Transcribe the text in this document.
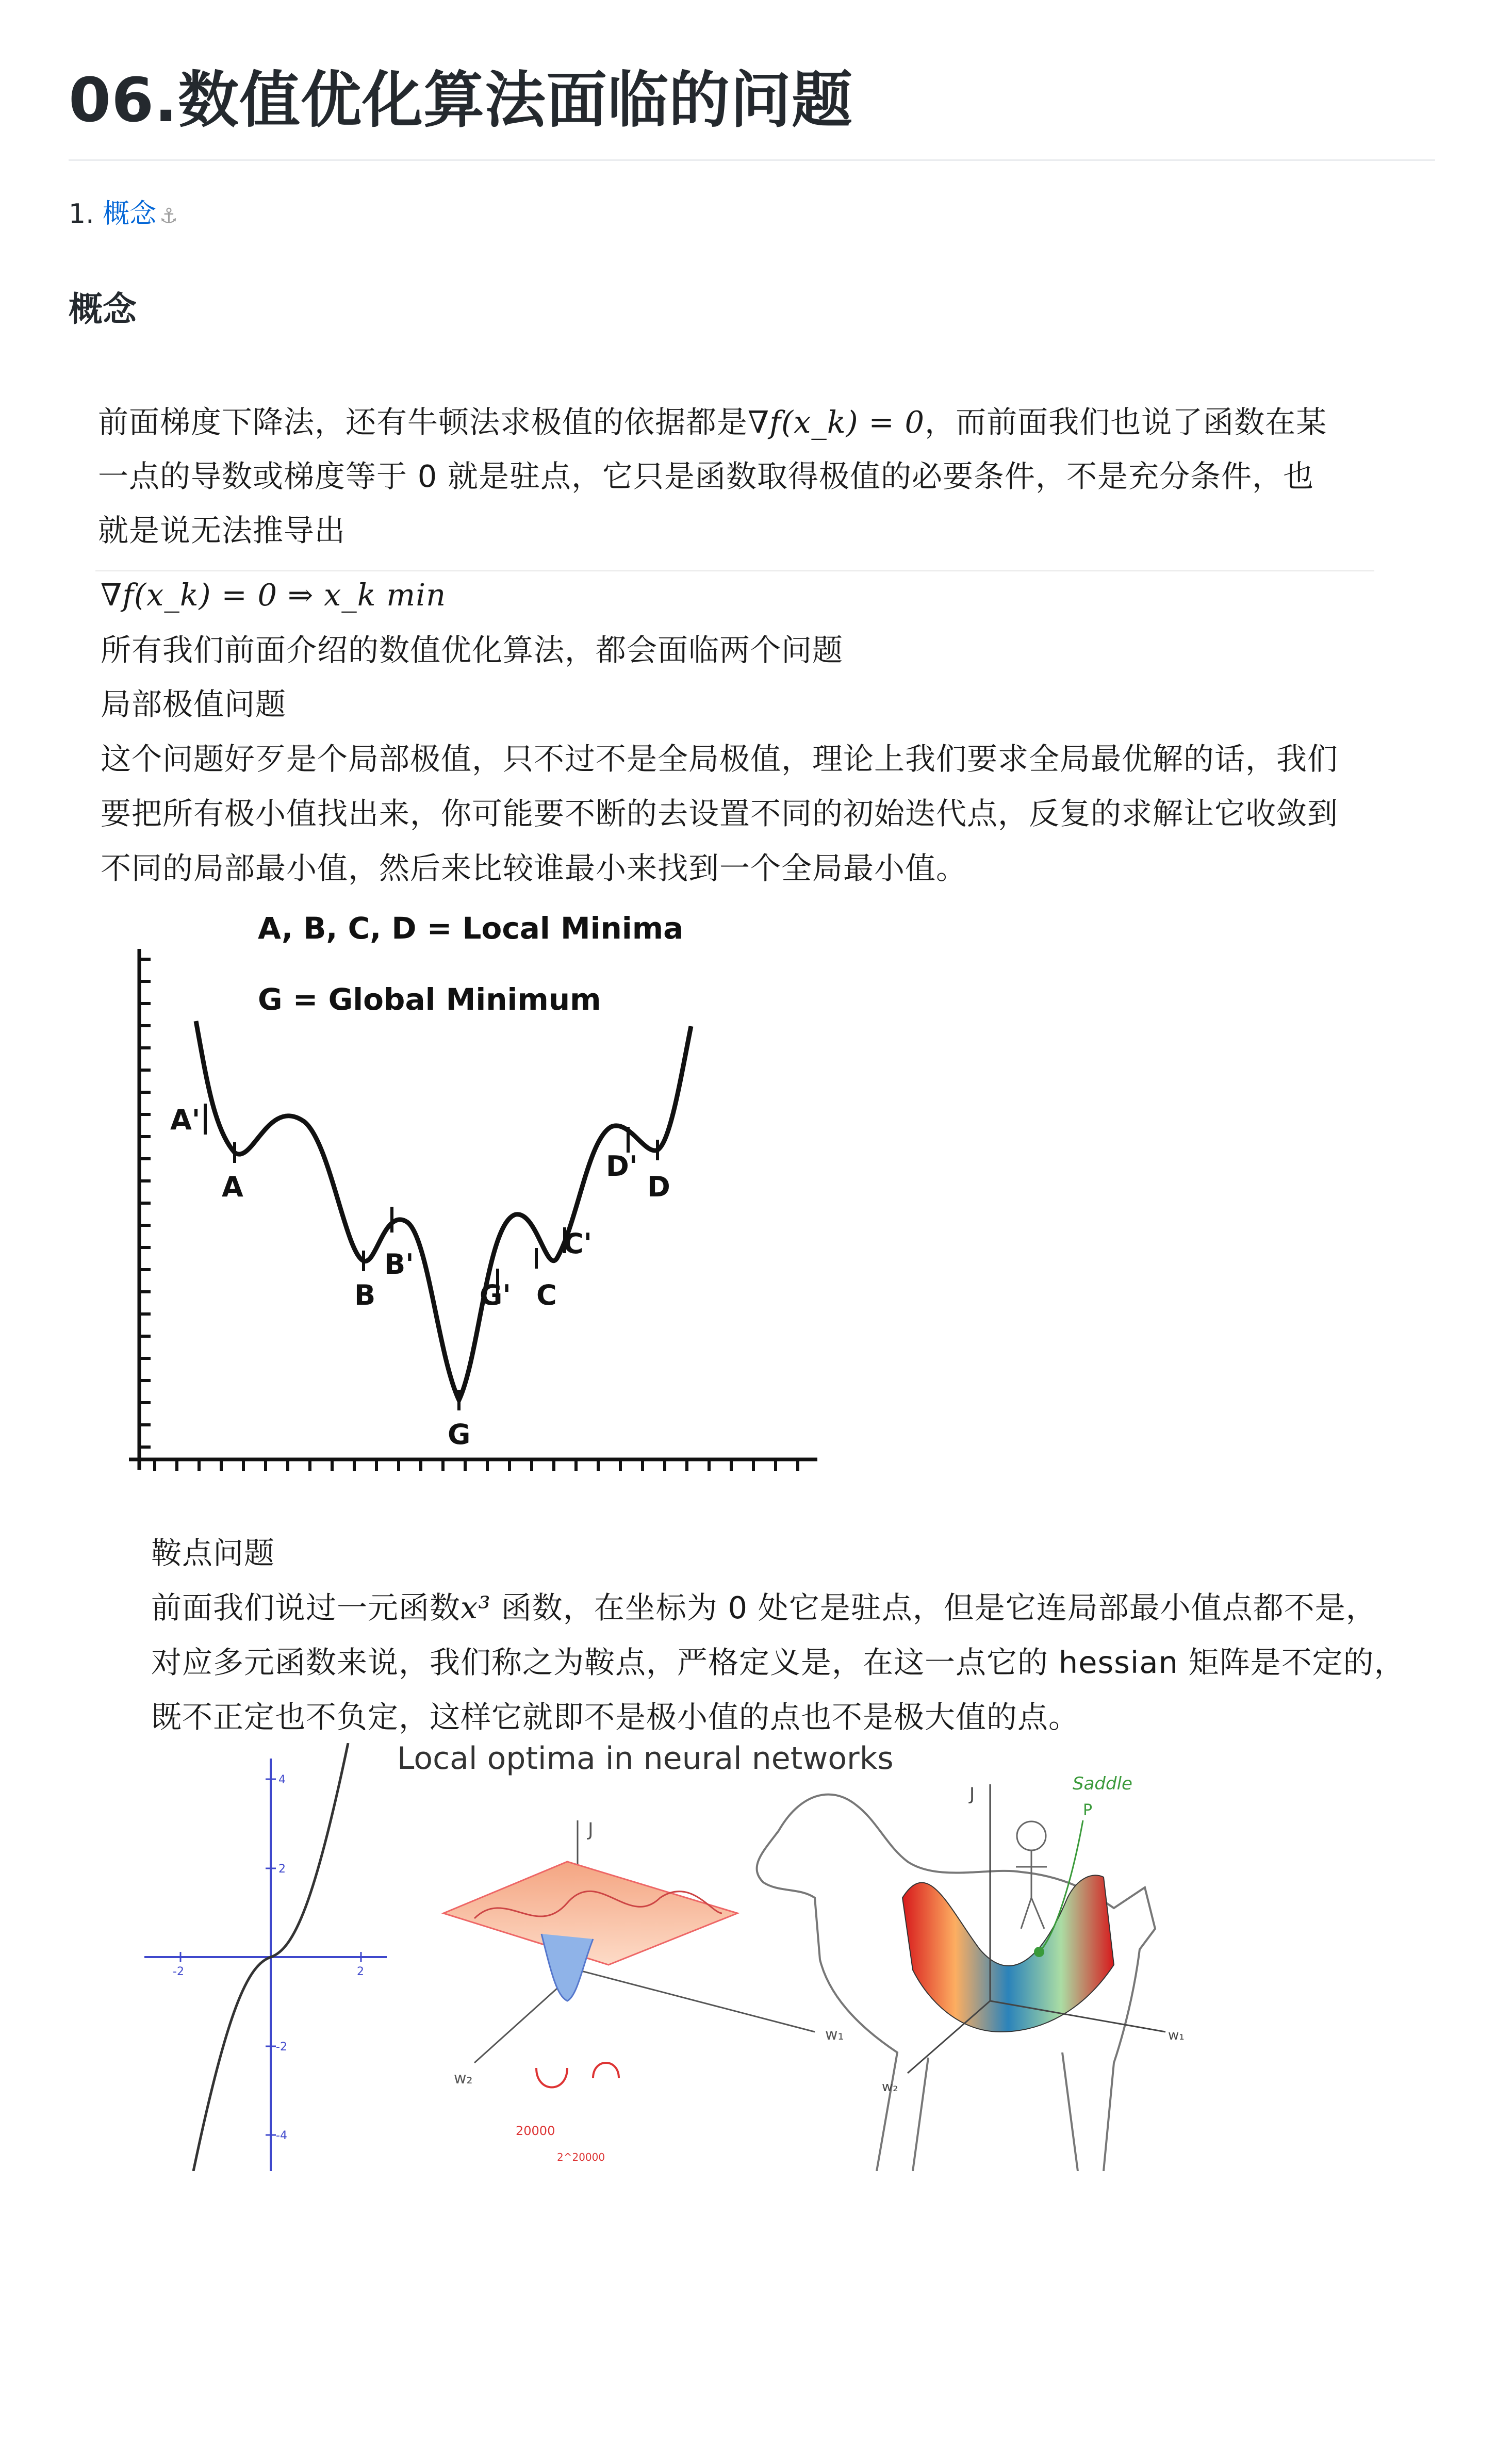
06.数值优化算法面临的问题
1. 概念 ⚓
概念

前面梯度下降法，还有牛顿法求极值的依据都是∇f(x_k) = 0，而前面我们也说了函数在某

一点的导数或梯度等于 0 就是驻点，它只是函数取得极值的必要条件，不是充分条件，也

就是说无法推导出

∇f(x_k) = 0 ⇒ x_k min

所有我们前面介绍的数值优化算法，都会面临两个问题

局部极值问题

这个问题好歹是个局部极值，只不过不是全局极值，理论上我们要求全局最优解的话，我们

要把所有极小值找出来，你可能要不断的去设置不同的初始迭代点，反复的求解让它收敛到

不同的局部最小值，然后来比较谁最小来找到一个全局最小值。

A, B, C, D = Local Minima
G = Global Minimum
A'
A
B
B'
G
G' C
C'
D'
D

鞍点问题

前面我们说过一元函数x³ 函数，在坐标为 0 处它是驻点，但是它连局部最小值点都不是，

对应多元函数来说，我们称之为鞍点，严格定义是，在这一点它的 hessian 矩阵是不定的，

既不正定也不负定，这样它就即不是极小值的点也不是极大值的点。

4
2
-2
-4
-2	2
Local optima in neural networks
J
w₁
w₂
20000
2^20000
J
w₁
w₂
Saddle
P
